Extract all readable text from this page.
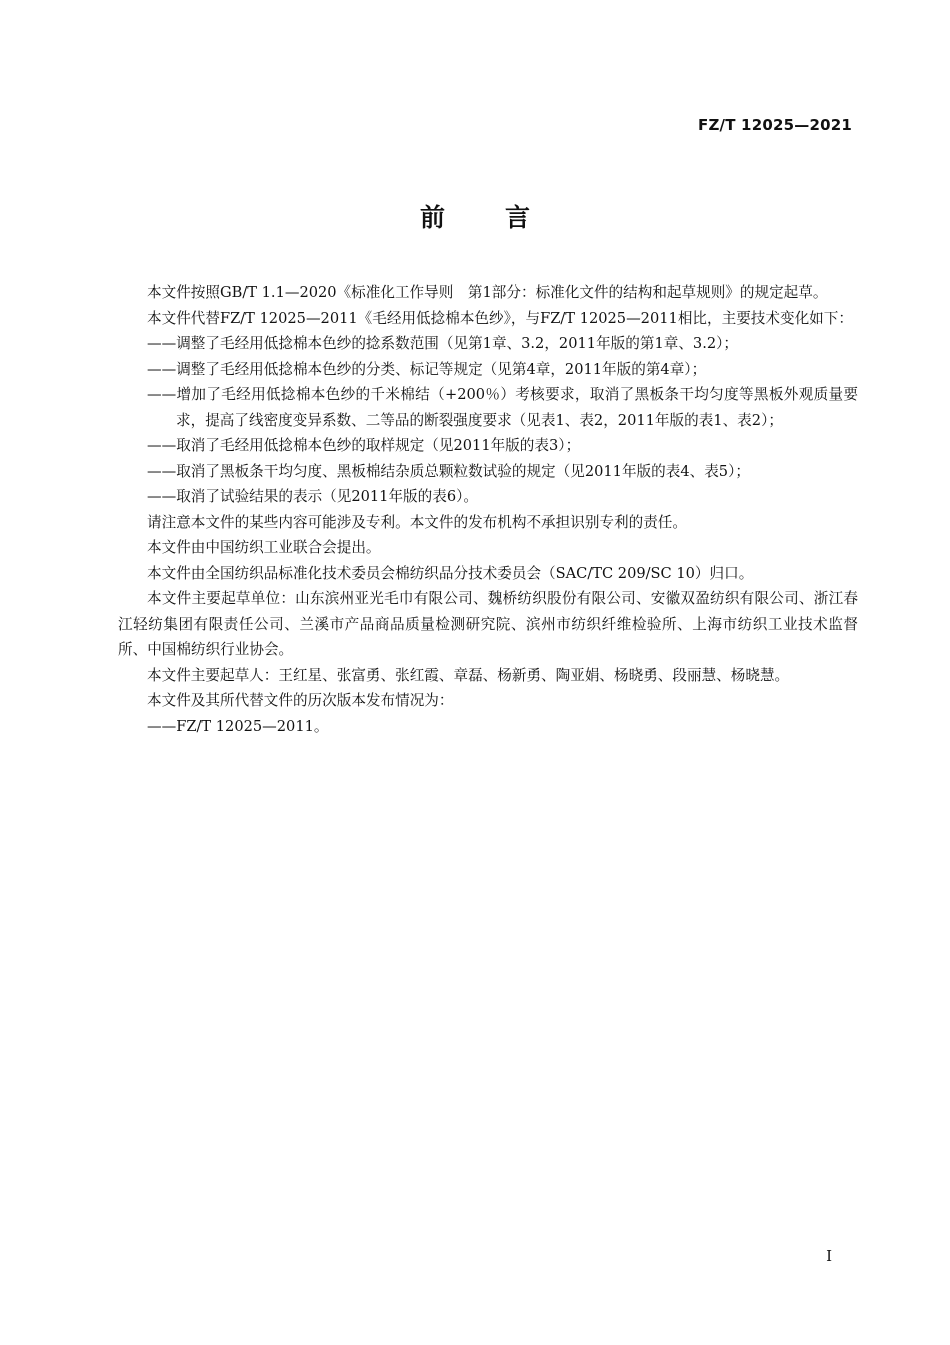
FZ/T 12025—2021
前言

本文件按照GB/T 1.1—2020《标准化工作导则　第1部分：标准化文件的结构和起草规则》的规定起草。

本文件代替FZ/T 12025—2011《毛经用低捻棉本色纱》，与FZ/T 12025—2011相比，主要技术变化如下：

——调整了毛经用低捻棉本色纱的捻系数范围（见第1章、3.2，2011年版的第1章、3.2）；

——调整了毛经用低捻棉本色纱的分类、标记等规定（见第4章，2011年版的第4章）；

——增加了毛经用低捻棉本色纱的千米棉结（+200％）考核要求，取消了黑板条干均匀度等黑板外观质量要求，提高了线密度变异系数、二等品的断裂强度要求（见表1、表2，2011年版的表1、表2）；

——取消了毛经用低捻棉本色纱的取样规定（见2011年版的表3）；

——取消了黑板条干均匀度、黑板棉结杂质总颗粒数试验的规定（见2011年版的表4、表5）；

——取消了试验结果的表示（见2011年版的表6）。

请注意本文件的某些内容可能涉及专利。本文件的发布机构不承担识别专利的责任。

本文件由中国纺织工业联合会提出。

本文件由全国纺织品标准化技术委员会棉纺织品分技术委员会（SAC/TC 209/SC 10）归口。

本文件主要起草单位：山东滨州亚光毛巾有限公司、魏桥纺织股份有限公司、安徽双盈纺织有限公司、浙江春江轻纺集团有限责任公司、兰溪市产品商品质量检测研究院、滨州市纺织纤维检验所、上海市纺织工业技术监督所、中国棉纺织行业协会。

本文件主要起草人：王红星、张富勇、张红霞、章磊、杨新勇、陶亚娟、杨晓勇、段丽慧、杨晓慧。

本文件及其所代替文件的历次版本发布情况为：

——FZ/T 12025—2011。

I
